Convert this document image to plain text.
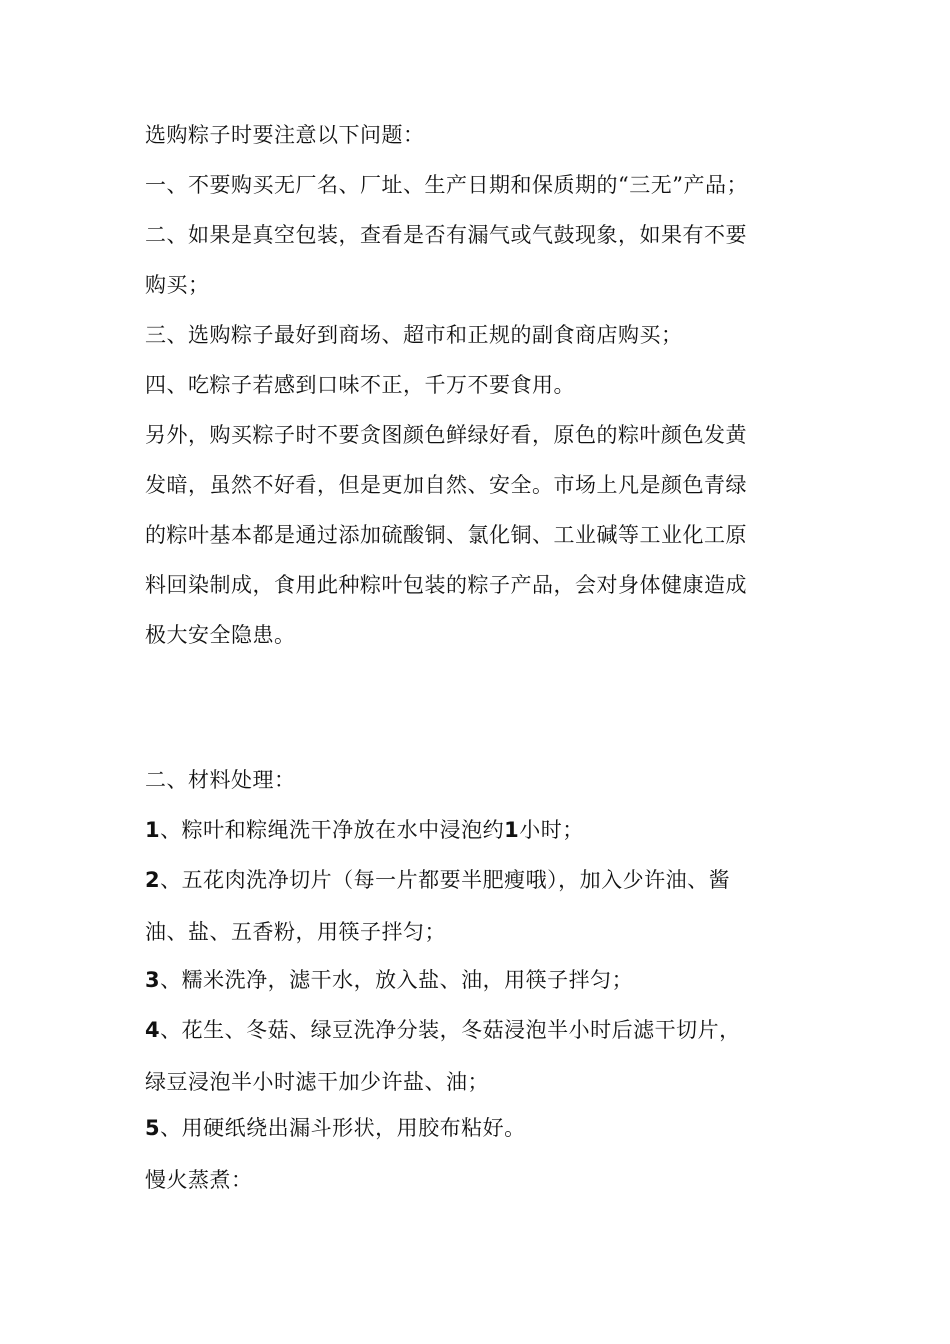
选购粽子时要注意以下问题：
一、不要购买无厂名、厂址、生产日期和保质期的“三无”产品；
二、如果是真空包装，查看是否有漏气或气鼓现象，如果有不要
购买；
三、选购粽子最好到商场、超市和正规的副食商店购买；
四、吃粽子若感到口味不正，千万不要食用。
另外，购买粽子时不要贪图颜色鲜绿好看，原色的粽叶颜色发黄
发暗，虽然不好看，但是更加自然、安全。市场上凡是颜色青绿
的粽叶基本都是通过添加硫酸铜、氯化铜、工业碱等工业化工原
料回染制成，食用此种粽叶包装的粽子产品，会对身体健康造成
极大安全隐患。
二、材料处理：
1、粽叶和粽绳洗干净放在水中浸泡约1小时；
2、五花肉洗净切片（每一片都要半肥瘦哦），加入少许油、酱
油、盐、五香粉，用筷子拌匀；
3、糯米洗净，滤干水，放入盐、油，用筷子拌匀；
4、花生、冬菇、绿豆洗净分装，冬菇浸泡半小时后滤干切片，
绿豆浸泡半小时滤干加少许盐、油；
5、用硬纸绕出漏斗形状，用胶布粘好。
慢火蒸煮：
